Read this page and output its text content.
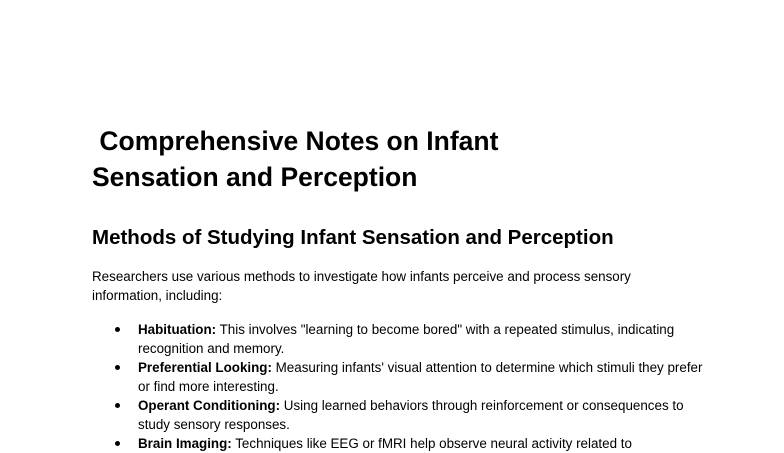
Comprehensive Notes on Infant Sensation and Perception
Methods of Studying Infant Sensation and Perception

Researchers use various methods to investigate how infants perceive and process sensory information, including:

Habituation: This involves "learning to become bored" with a repeated stimulus, indicating recognition and memory.
Preferential Looking: Measuring infants' visual attention to determine which stimuli they prefer or find more interesting.
Operant Conditioning: Using learned behaviors through reinforcement or consequences to study sensory responses.
Brain Imaging: Techniques like EEG or fMRI help observe neural activity related to
